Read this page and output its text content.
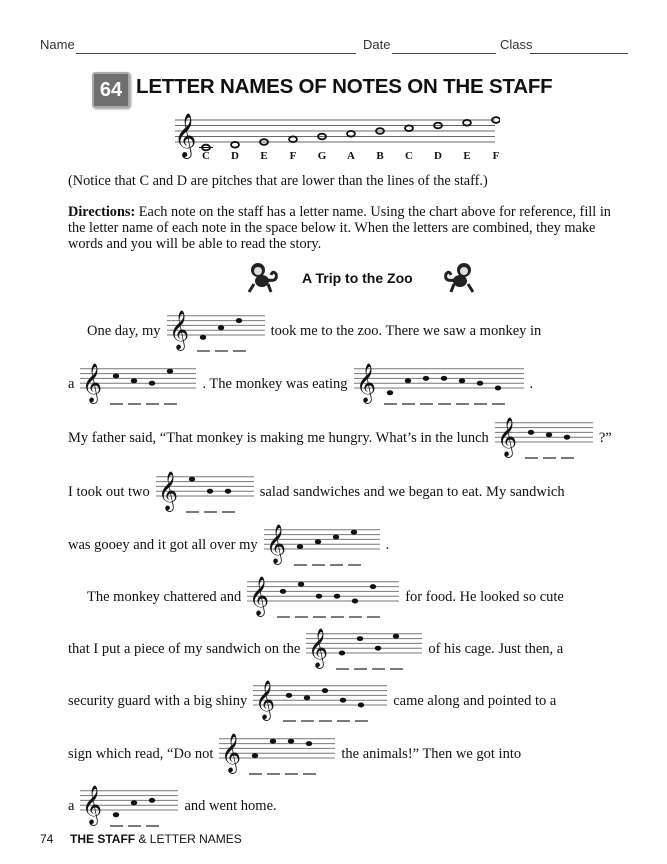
Name	Date	Class
64 LETTER NAMES OF NOTES ON THE STAFF
𝄞 C D E F G A B C D E F
(Notice that C and D are pitches that are lower than the lines of the staff.)
Directions: Each note on the staff has a letter name. Using the chart above for reference, fill in the letter name of each note in the space below it. When the letters are combined, they make words and you will be able to read the story.
A Trip to the Zoo
One day, my 𝄞	took me to the zoo. There we saw a monkey in
a 𝄞	. The monkey was eating 𝄞	.
My father said, “That monkey is making me hungry. What’s in the lunch 𝄞	?”
I took out two 𝄞	salad sandwiches and we began to eat. My sandwich
was gooey and it got all over my 𝄞	.
The monkey chattered and 𝄞	for food. He looked so cute
that I put a piece of my sandwich on the 𝄞	of his cage. Just then, a
security guard with a big shiny 𝄞	came along and pointed to a
sign which read, “Do not 𝄞	the animals!” Then we got into
a 𝄞	and went home.
74 THE STAFF & LETTER NAMES
